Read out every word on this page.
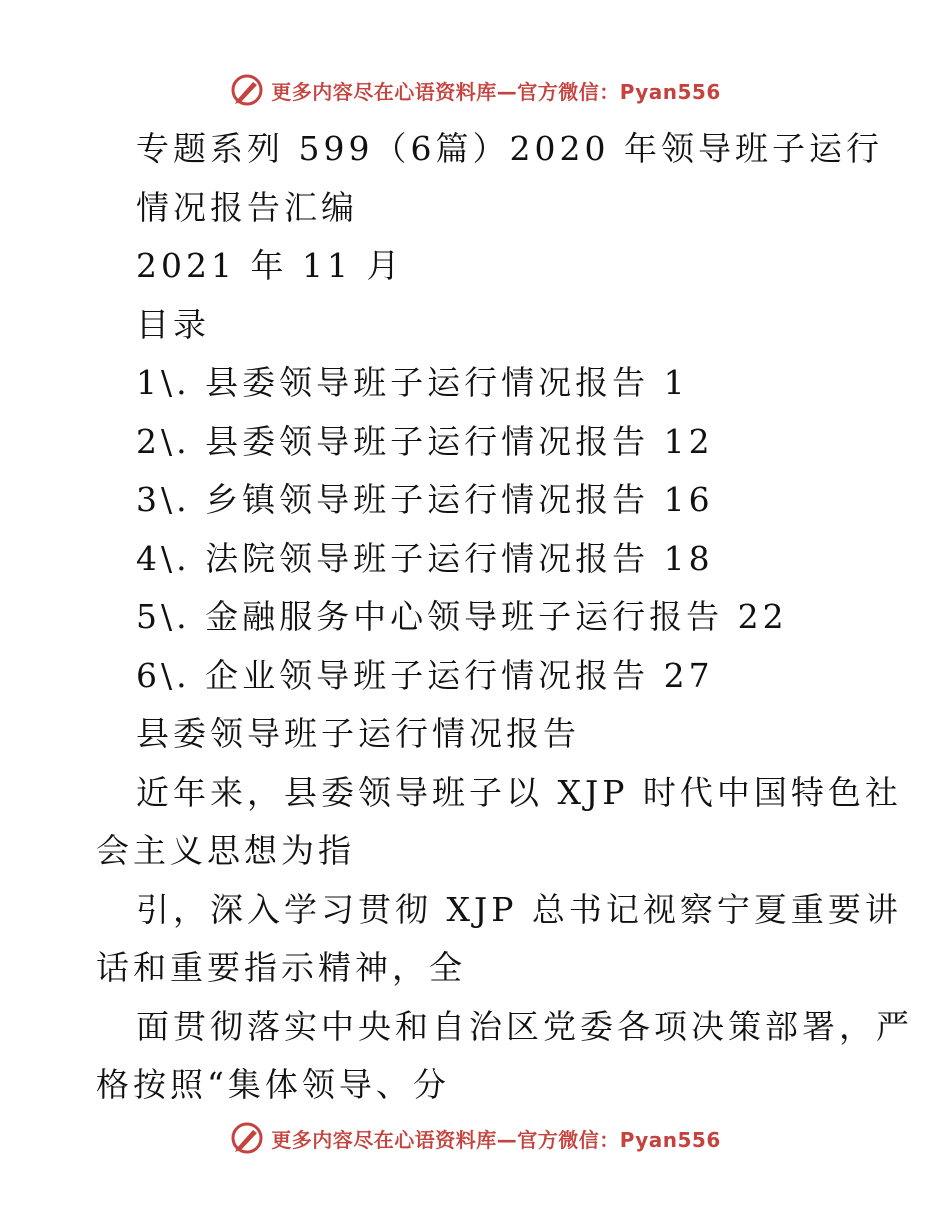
更多内容尽在心语资料库—官方微信：Pyan556

专题系列 599（6篇）2020 年领导班子运行

情况报告汇编

2021 年 11 月

目录

1\. 县委领导班子运行情况报告 1

2\. 县委领导班子运行情况报告 12

3\. 乡镇领导班子运行情况报告 16

4\. 法院领导班子运行情况报告 18

5\. 金融服务中心领导班子运行报告 22

6\. 企业领导班子运行情况报告 27

县委领导班子运行情况报告

近年来，县委领导班子以 XJP 时代中国特色社

会主义思想为指

引，深入学习贯彻 XJP 总书记视察宁夏重要讲

话和重要指示精神，全

面贯彻落实中央和自治区党委各项决策部署，严

格按照“集体领导、分

更多内容尽在心语资料库—官方微信：Pyan556
